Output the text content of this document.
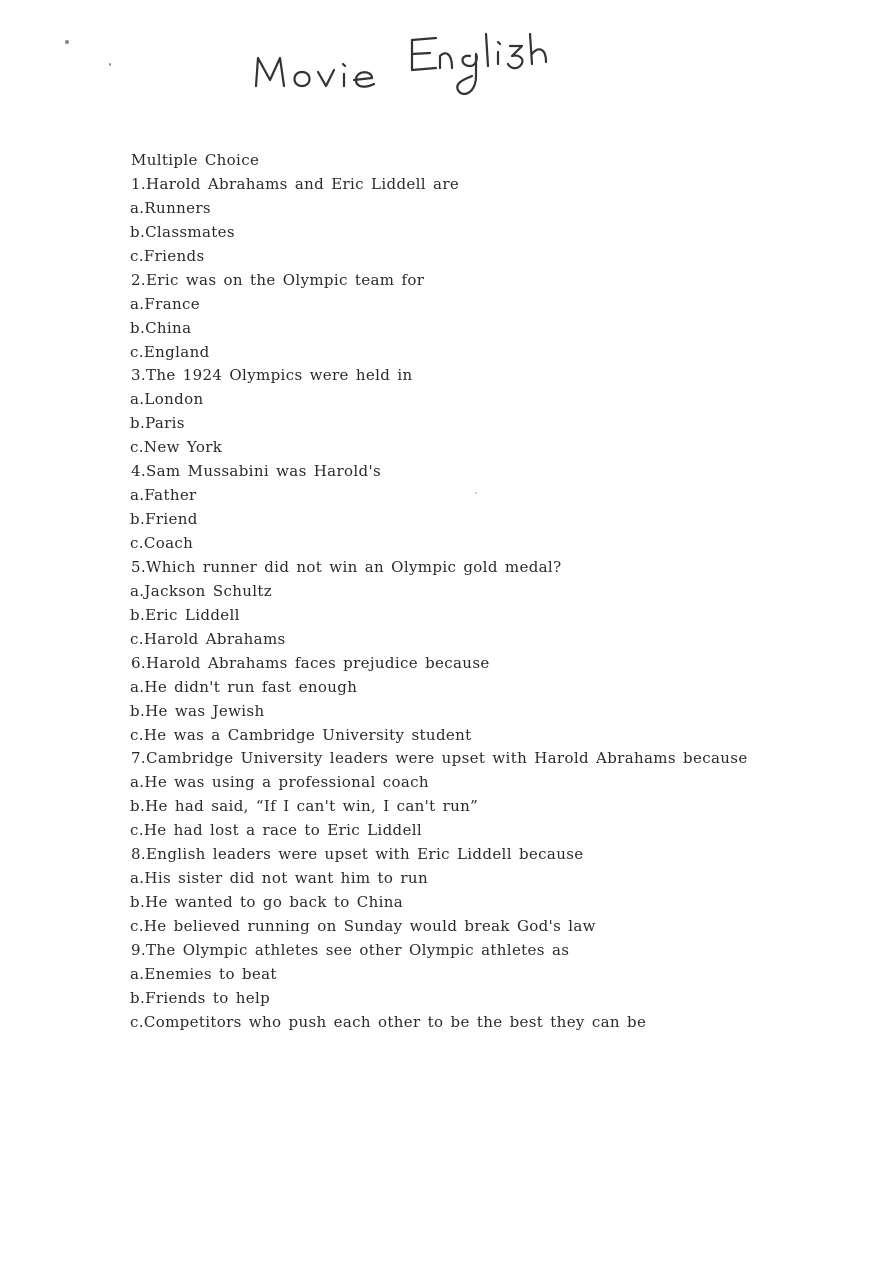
Multiple Choice
1.Harold Abrahams and Eric Liddell are
a.Runners
b.Classmates
c.Friends
2.Eric was on the Olympic team for
a.France
b.China
c.England
3.The 1924 Olympics were held in
a.London
b.Paris
c.New York
4.Sam Mussabini was Harold's
a.Father
b.Friend
c.Coach
5.Which runner did not win an Olympic gold medal?
a.Jackson Schultz
b.Eric Liddell
c.Harold Abrahams
6.Harold Abrahams faces prejudice because
a.He didn't run fast enough
b.He was Jewish
c.He was a Cambridge University student
7.Cambridge University leaders were upset with Harold Abrahams because
a.He was using a professional coach
b.He had said, “If I can't win, I can't run”
c.He had lost a race to Eric Liddell
8.English leaders were upset with Eric Liddell because
a.His sister did not want him to run
b.He wanted to go back to China
c.He believed running on Sunday would break God's law
9.The Olympic athletes see other Olympic athletes as
a.Enemies to beat
b.Friends to help
c.Competitors who push each other to be the best they can be
